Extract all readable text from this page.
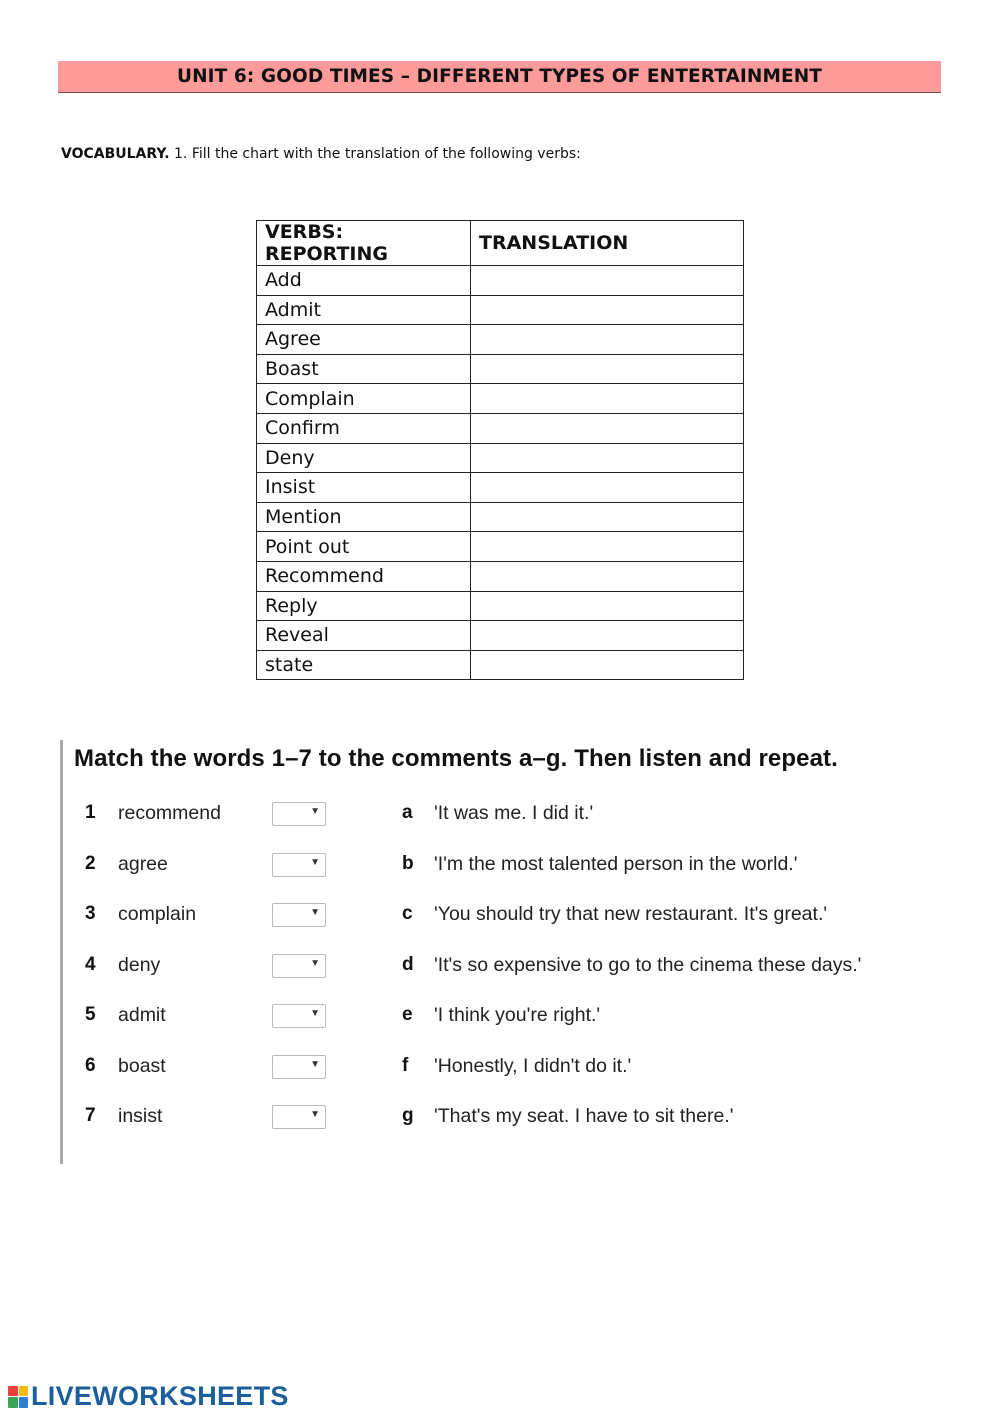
UNIT 6: GOOD TIMES – DIFFERENT TYPES OF ENTERTAINMENT
VOCABULARY. 1. Fill the chart with the translation of the following verbs:
VERBS: REPORTING	TRANSLATION
Add	
Admit	
Agree	
Boast	
Complain	
Confirm	
Deny	
Insist	
Mention	
Point out	
Recommend	
Reply	
Reveal	
state	
Match the words 1–7 to the comments a–g. Then listen and repeat.
1 recommend	▼	a 'It was me. I did it.'
2 agree	▼	b 'I'm the most talented person in the world.'
3 complain	▼	c 'You should try that new restaurant. It's great.'
4 deny	▼	d 'It's so expensive to go to the cinema these days.'
5 admit	▼	e 'I think you're right.'
6 boast	▼	f 'Honestly, I didn't do it.'
7 insist	▼	g 'That's my seat. I have to sit there.'
LIVEWORKSHEETS
